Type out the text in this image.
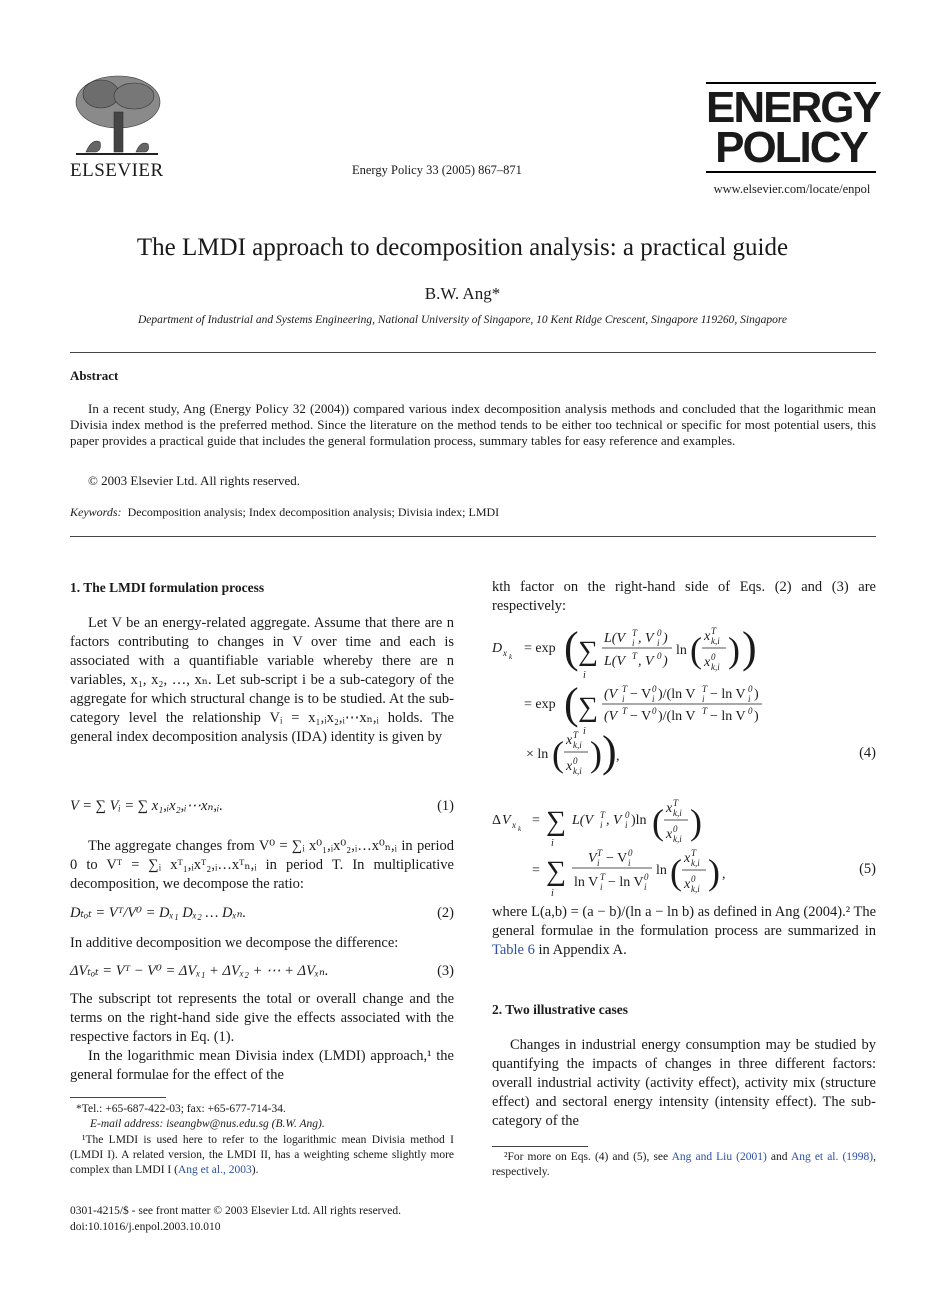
ELSEVIER	Energy Policy 33 (2005) 867–871
ENERGY
POLICY
www.elsevier.com/locate/enpol
The LMDI approach to decomposition analysis: a practical guide
B.W. Ang*
Department of Industrial and Systems Engineering, National University of Singapore, 10 Kent Ridge Crescent, Singapore 119260, Singapore
Abstract
In a recent study, Ang (Energy Policy 32 (2004)) compared various index decomposition analysis methods and concluded that the logarithmic mean Divisia index method is the preferred method. Since the literature on the method tends to be either too technical or specific for most potential users, this paper provides a practical guide that includes the general formulation process, summary tables for easy reference and examples.
© 2003 Elsevier Ltd. All rights reserved.
Keywords: Decomposition analysis; Index decomposition analysis; Divisia index; LMDI
1. The LMDI formulation process
Let V be an energy-related aggregate. Assume that there are n factors contributing to changes in V over time and each is associated with a quantifiable variable whereby there are n variables, x₁, x₂, …, xₙ. Let sub-script i be a sub-category of the aggregate for which structural change is to be studied. At the sub-category level the relationship Vᵢ = x₁,ᵢx₂,ᵢ⋯xₙ,ᵢ holds. The general index decomposition analysis (IDA) identity is given by
V = ∑ Vᵢ = ∑ x₁,ᵢx₂,ᵢ⋯xₙ,ᵢ.	(1)
The aggregate changes from V⁰ = ∑ᵢ x⁰₁,ᵢx⁰₂,ᵢ…x⁰ₙ,ᵢ in period 0 to Vᵀ = ∑ᵢ xᵀ₁,ᵢxᵀ₂,ᵢ…xᵀₙ,ᵢ in period T. In multiplicative decomposition, we decompose the ratio:
Dₜₒₜ = Vᵀ/V⁰ = Dₓ₁ Dₓ₂ … Dₓₙ.	(2)
In additive decomposition we decompose the difference:
ΔVₜₒₜ = Vᵀ − V⁰ = ΔVₓ₁ + ΔVₓ₂ + ⋯ + ΔVₓₙ.	(3)
The subscript tot represents the total or overall change and the terms on the right-hand side give the effects associated with the respective factors in Eq. (1).
In the logarithmic mean Divisia index (LMDI) approach,¹ the general formulae for the effect of the
*Tel.: +65-687-422-03; fax: +65-677-714-34.
E-mail address: iseangbw@nus.edu.sg (B.W. Ang).
¹The LMDI is used here to refer to the logarithmic mean Divisia method I (LMDI I). A related version, the LMDI II, has a weighting scheme slightly more complex than LMDI I (Ang et al., 2003).
0301-4215/$ - see front matter © 2003 Elsevier Ltd. All rights reserved.
doi:10.1016/j.enpol.2003.10.010
kth factor on the right-hand side of Eqs. (2) and (3) are respectively:
D x k
= exp ( ∑
i
L(V T
i , V 0
i )
L(V T , V 0 )
ln ( x T
k,i
x 0
k,i ) )
= exp ( ∑
i
(V T
i − V 0
i )/(ln V T
i − ln V 0
i )
(V T − V 0 )/(ln V T − ln V 0 )
× ln ( x T
k,i
x 0
k,i ) ) ,	(4)
Δ V x k
= ∑
i
L(V T
i , V 0
i )ln ( x T
k,i
x 0
k,i )
= ∑
i
V T
i − V 0
i
ln V T
i − ln V 0
i
ln ( x T
k,i
x 0
k,i ) ,	(5)
where L(a,b) = (a − b)/(ln a − ln b) as defined in Ang (2004).² The general formulae in the formulation process are summarized in Table 6 in Appendix A.
2. Two illustrative cases
Changes in industrial energy consumption may be studied by quantifying the impacts of changes in three different factors: overall industrial activity (activity effect), activity mix (structure effect) and sectoral energy intensity (intensity effect). The sub-category of the
²For more on Eqs. (4) and (5), see Ang and Liu (2001) and Ang et al. (1998), respectively.
